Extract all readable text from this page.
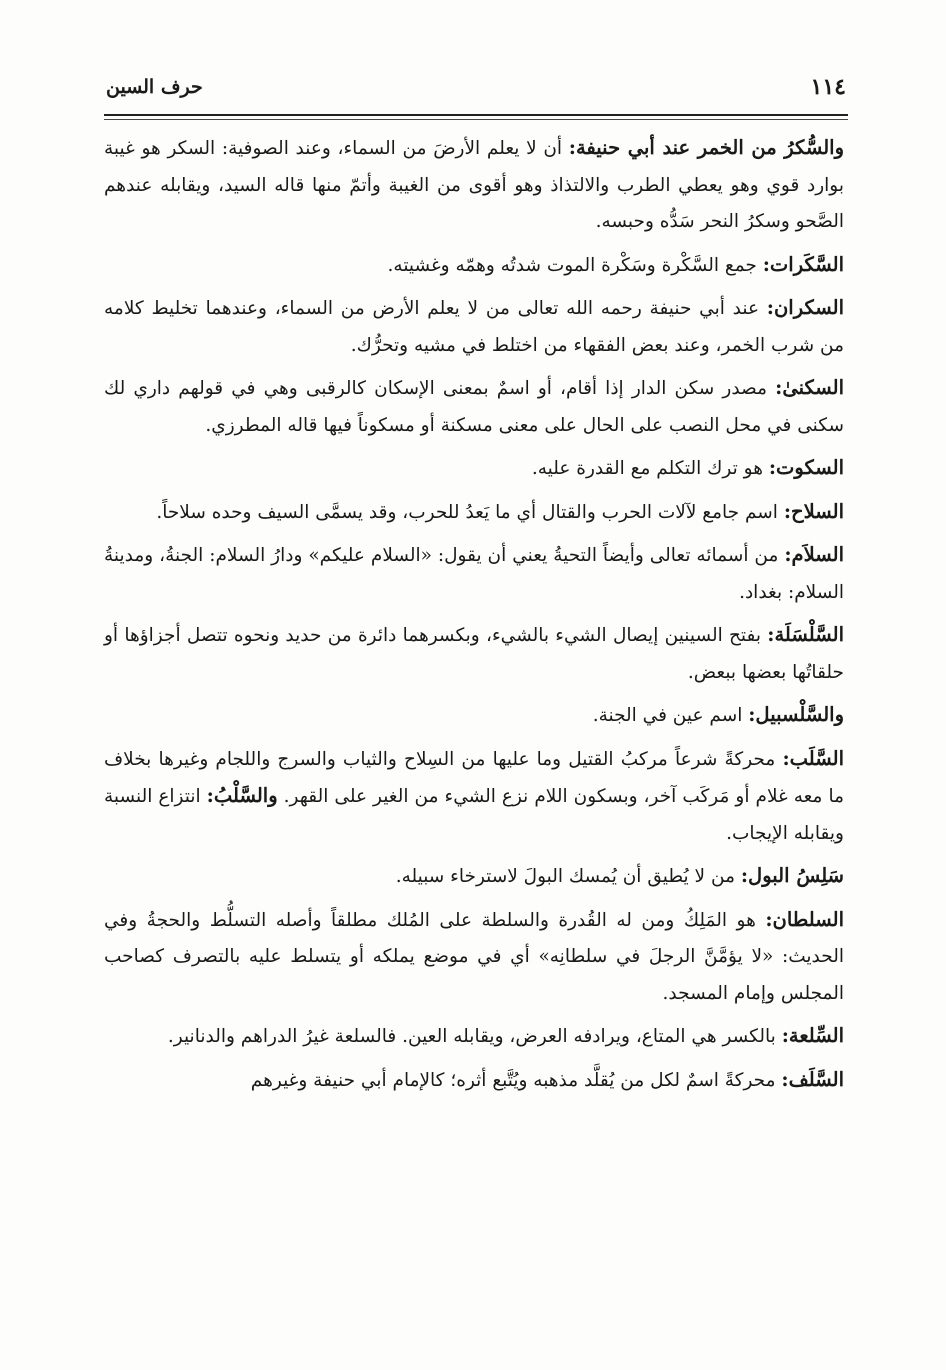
١١٤
حرف السين

والسُّكرُ من الخمر عند أبي حنيفة: أن لا يعلم الأرضَ من السماء، وعند الصوفية: السكر هو غيبة بوارد قوي وهو يعطي الطرب والالتذاذ وهو أقوى من الغيبة وأتمّ منها قاله السيد، ويقابله عندهم الصَّحو وسكرُ النحر سَدُّه وحبسه.

السَّكَرات: جمع السَّكْرة وسَكْرة الموت شدتُه وهمّه وغشيته.

السكران: عند أبي حنيفة رحمه الله تعالى من لا يعلم الأرض من السماء، وعندهما تخليط كلامه من شرب الخمر، وعند بعض الفقهاء من اختلط في مشيه وتحرُّك.

السكنىٰ: مصدر سكن الدار إذا أقام، أو اسمٌ بمعنى الإسكان كالرقبى وهي في قولهم داري لك سكنى في محل النصب على الحال على معنى مسكنة أو مسكوناً فيها قاله المطرزي.

السكوت: هو ترك التكلم مع القدرة عليه.

السلاح: اسم جامع لآلات الحرب والقتال أي ما يَعدُ للحرب، وقد يسمَّى السيف وحده سلاحاً.

السلاَم: من أسمائه تعالى وأيضاً التحيةُ يعني أن يقول: «السلام عليكم» ودارُ السلام: الجنةُ، ومدينةُ السلام: بغداد.

السَّلْسَلَة: بفتح السينين إيصال الشيء بالشيء، وبكسرهما دائرة من حديد ونحوه تتصل أجزاؤها أو حلقاتُها بعضها ببعض.

والسَّلْسبيل: اسم عين في الجنة.

السَّلَب: محركةً شرعاً مركبُ القتيل وما عليها من السِلاح والثياب والسرج واللجام وغيرها بخلاف ما معه غلام أو مَركَب آخر، وبسكون اللام نزع الشيء من الغير على القهر. والسَّلْبُ: انتزاع النسبة ويقابله الإيجاب.

سَلِسُ البول: من لا يُطيق أن يُمسك البولَ لاسترخاء سبيله.

السلطان: هو المَلِكُ ومن له القُدرة والسلطة على المُلك مطلقاً وأصله التسلُّط والحجةُ وفي الحديث: «لا يؤمَّنَّ الرجلَ في سلطانِه» أي في موضع يملكه أو يتسلط عليه بالتصرف كصاحب المجلس وإمام المسجد.

السِّلعة: بالكسر هي المتاع، ويرادفه العرض، ويقابله العين. فالسلعة غيرُ الدراهم والدنانير.

السَّلَف: محركةً اسمٌ لكل من يُقلَّد مذهبه ويُتَّبع أثره؛ كالإمام أبي حنيفة وغيرهم
